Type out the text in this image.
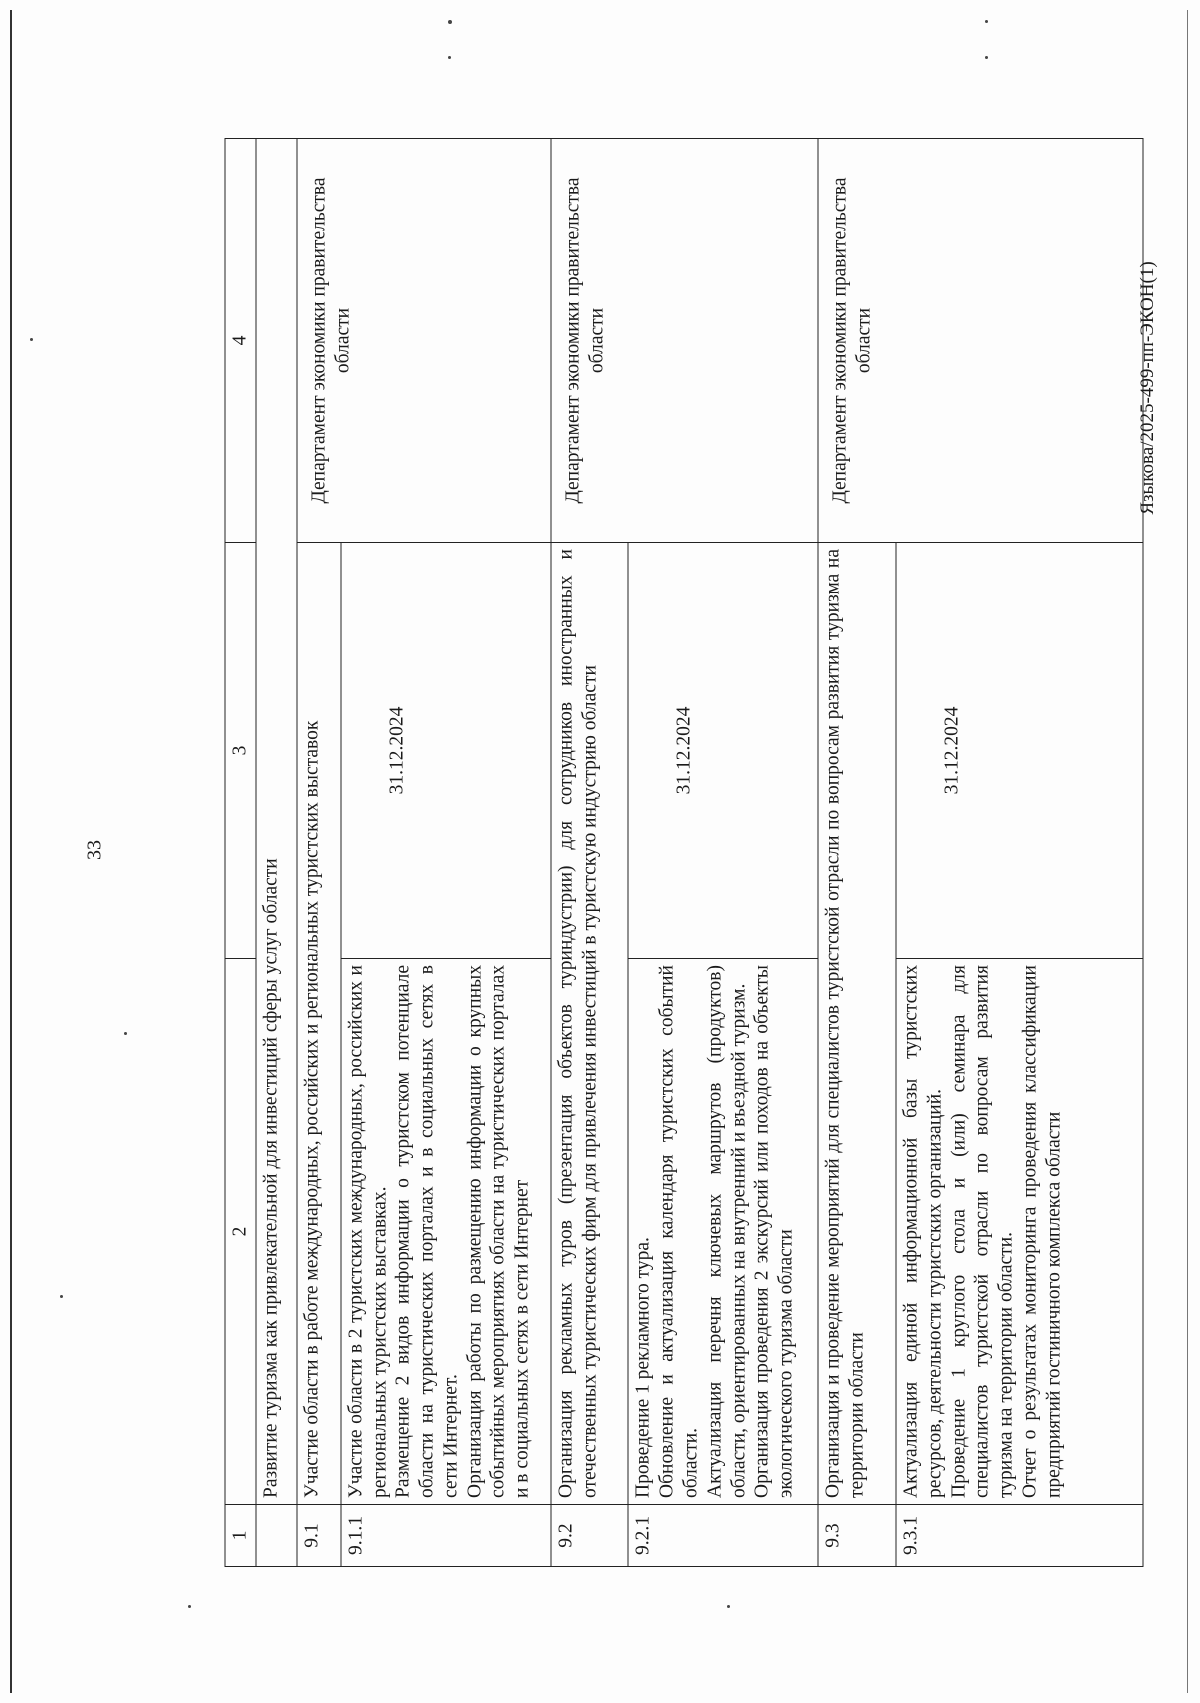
33
Языкова/2025-499-пп-ЭКОН(1)
1	2	3	4
	Развитие туризма как привлекательной для инвестиций сферы услуг области		
9.1	Участие области в работе международных, российских и региональных туристских выставок		Департамент экономики правительства области
9.1.1	Участие области в 2 туристских международных, российских и региональных туристских выставках. Размещение 2 видов информации о туристском потенциале области на туристических порталах и в социальных сетях в сети Интернет. Организация работы по размещению информации о крупных событийных мероприятиях области на туристических порталах и в социальных сетях в сети Интернет	31.12.2024	
9.2	Организация рекламных туров (презентация объектов туриндустрии) для сотрудников иностранных и отечественных туристических фирм для привлечения инвестиций в туристскую индустрию области		Департамент экономики правительства области
9.2.1	Проведение 1 рекламного тура. Обновление и актуализация календаря туристских событий области. Актуализация перечня ключевых маршрутов (продуктов) области, ориентированных на внутренний и въездной туризм. Организация проведения 2 экскурсий или походов на объекты экологического туризма области	31.12.2024	
9.3	Организация и проведение мероприятий для специалистов туристской отрасли по вопросам развития туризма на территории области		Департамент экономики правительства области
9.3.1	Актуализация единой информационной базы туристских ресурсов, деятельности туристских организаций. Проведение 1 круглого стола и (или) семинара для специалистов туристской отрасли по вопросам развития туризма на территории области. Отчет о результатах мониторинга проведения классификации предприятий гостиничного комплекса области	31.12.2024	
